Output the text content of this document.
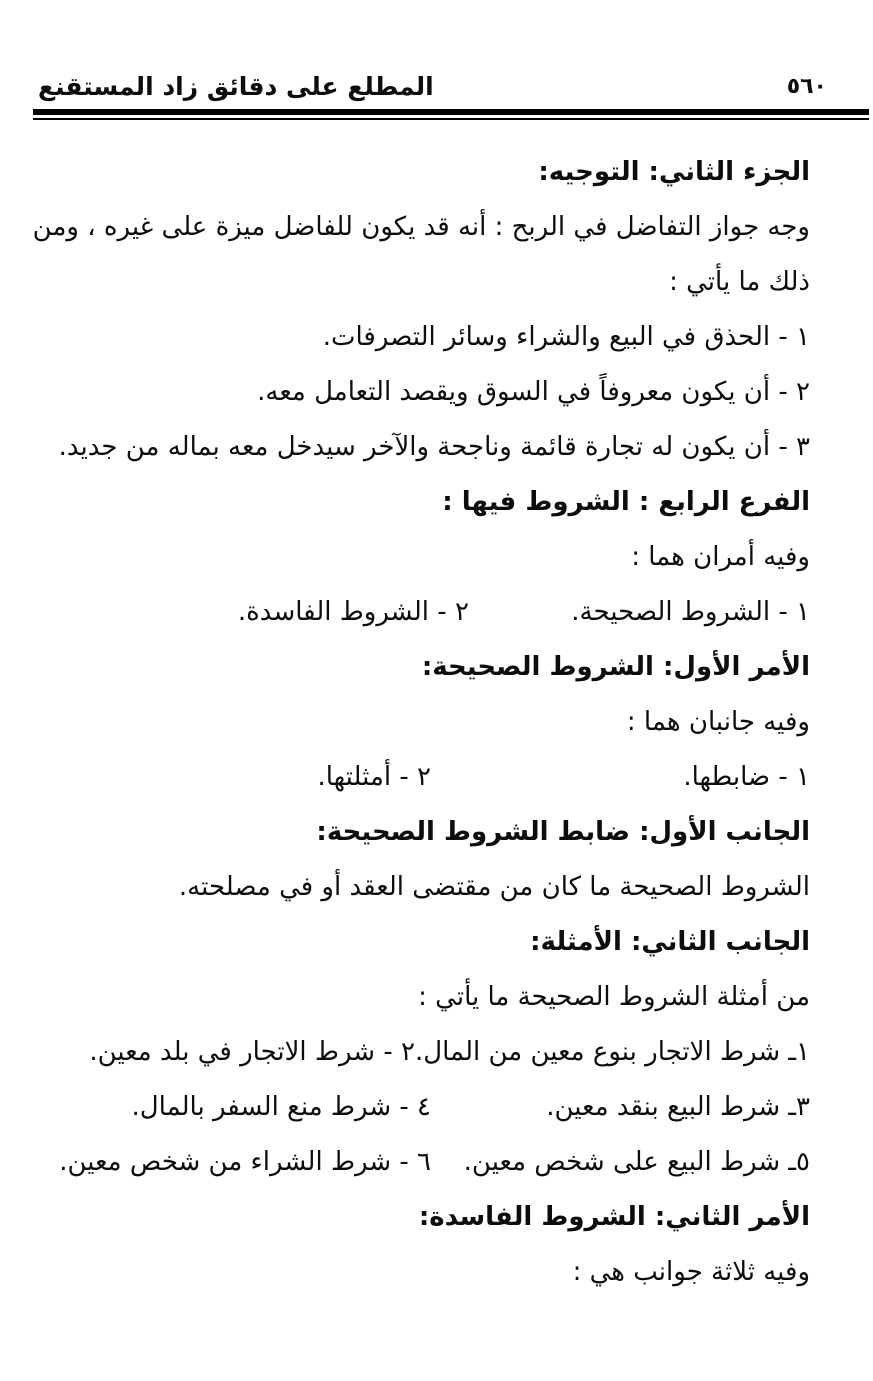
المطلع على دقائق زاد المستقنع	٥٦٠
الجزء الثاني: التوجيه:
وجه جواز التفاضل في الربح : أنه قد يكون للفاضل ميزة على غيره ، ومن
ذلك ما يأتي :
١ - الحذق في البيع والشراء وسائر التصرفات.
٢ - أن يكون معروفاً في السوق ويقصد التعامل معه.
٣ - أن يكون له تجارة قائمة وناجحة والآخر سيدخل معه بماله من جديد.
الفرع الرابع : الشروط فيها :
وفيه أمران هما :
١ - الشروط الصحيحة.
٢ - الشروط الفاسدة.
الأمر الأول: الشروط الصحيحة:
وفيه جانبان هما :
١ - ضابطها.
٢ - أمثلتها.
الجانب الأول: ضابط الشروط الصحيحة:
الشروط الصحيحة ما كان من مقتضى العقد أو في مصلحته.
الجانب الثاني: الأمثلة:
من أمثلة الشروط الصحيحة ما يأتي :
١ـ شرط الاتجار بنوع معين من المال.
٢ - شرط الاتجار في بلد معين.
٣ـ شرط البيع بنقد معين.
٤ - شرط منع السفر بالمال.
٥ـ شرط البيع على شخص معين.
٦ - شرط الشراء من شخص معين.
الأمر الثاني: الشروط الفاسدة:
وفيه ثلاثة جوانب هي :
